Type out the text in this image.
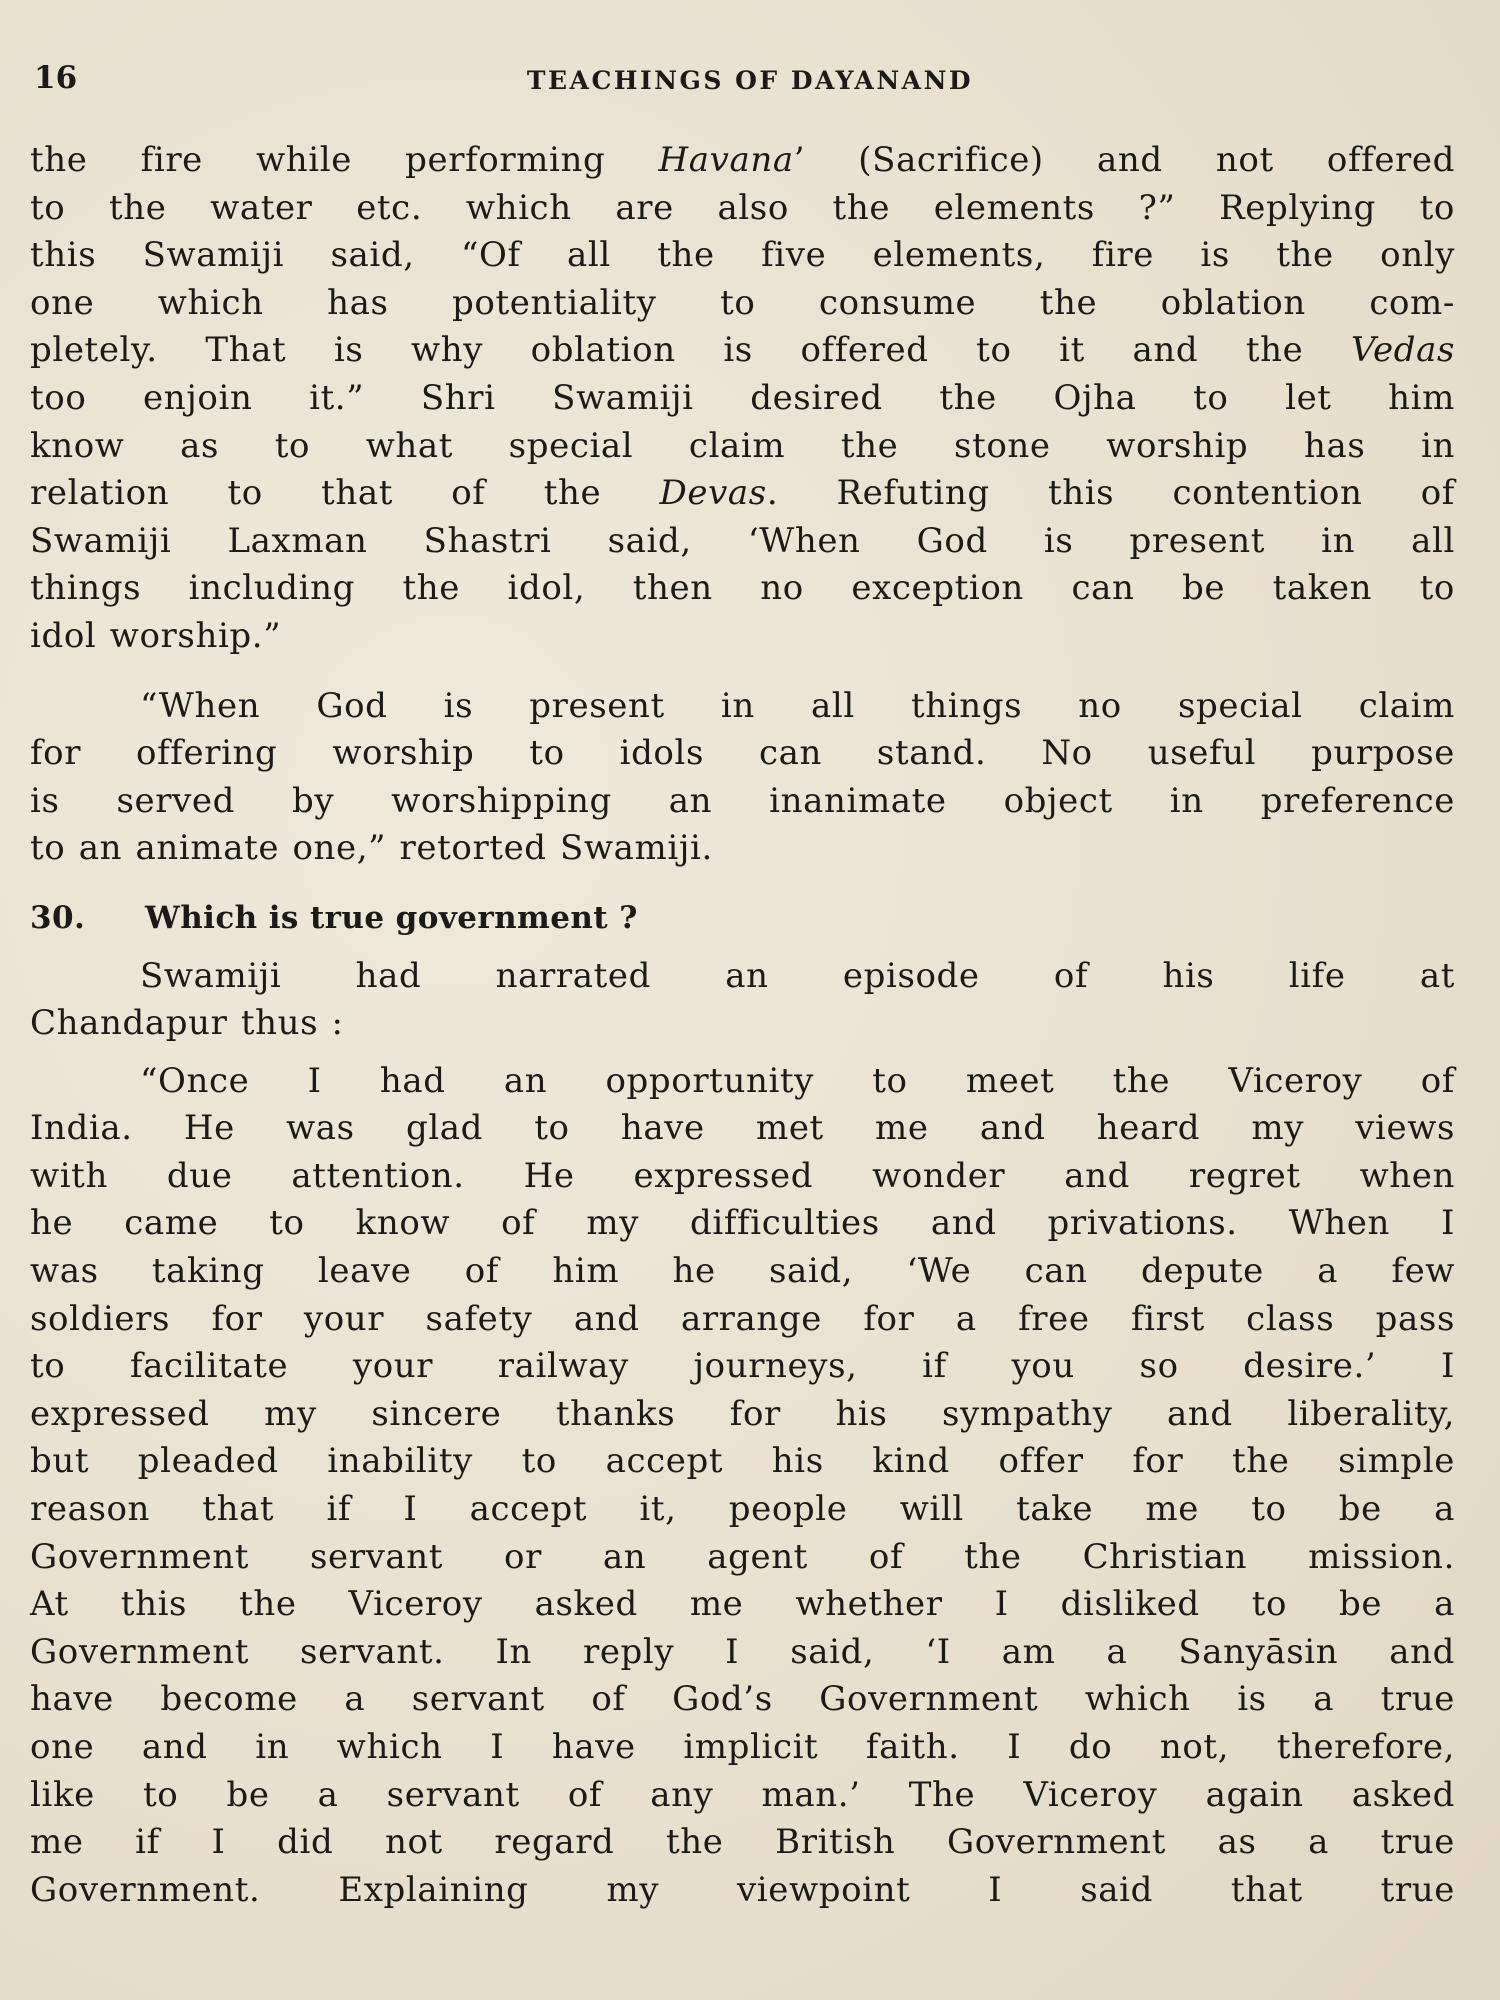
16	TEACHINGS OF DAYANAND
the fire while performing Havana’ (Sacrifice) and not offered
to the water etc. which are also the elements ?” Replying to
this Swamiji said, “Of all the five elements, fire is the only
one which has potentiality to consume the oblation com-
pletely. That is why oblation is offered to it and the Vedas
too enjoin it.” Shri Swamiji desired the Ojha to let him
know as to what special claim the stone worship has in
relation to that of the Devas. Refuting this contention of
Swamiji Laxman Shastri said, ‘When God is present in all
things including the idol, then no exception can be taken to
idol worship.”
“When God is present in all things no special claim
for offering worship to idols can stand. No useful purpose
is served by worshipping an inanimate object in preference
to an animate one,” retorted Swamiji.
30. Which is true government ?
Swamiji had narrated an episode of his life at
Chandapur thus :
“Once I had an opportunity to meet the Viceroy of
India. He was glad to have met me and heard my views
with due attention. He expressed wonder and regret when
he came to know of my difficulties and privations. When I
was taking leave of him he said, ‘We can depute a few
soldiers for your safety and arrange for a free first class pass
to facilitate your railway journeys, if you so desire.’ I
expressed my sincere thanks for his sympathy and liberality,
but pleaded inability to accept his kind offer for the simple
reason that if I accept it, people will take me to be a
Government servant or an agent of the Christian mission.
At this the Viceroy asked me whether I disliked to be a
Government servant. In reply I said, ‘I am a Sanyāsin and
have become a servant of God’s Government which is a true
one and in which I have implicit faith. I do not, therefore,
like to be a servant of any man.’ The Viceroy again asked
me if I did not regard the British Government as a true
Government. Explaining my viewpoint I said that true
